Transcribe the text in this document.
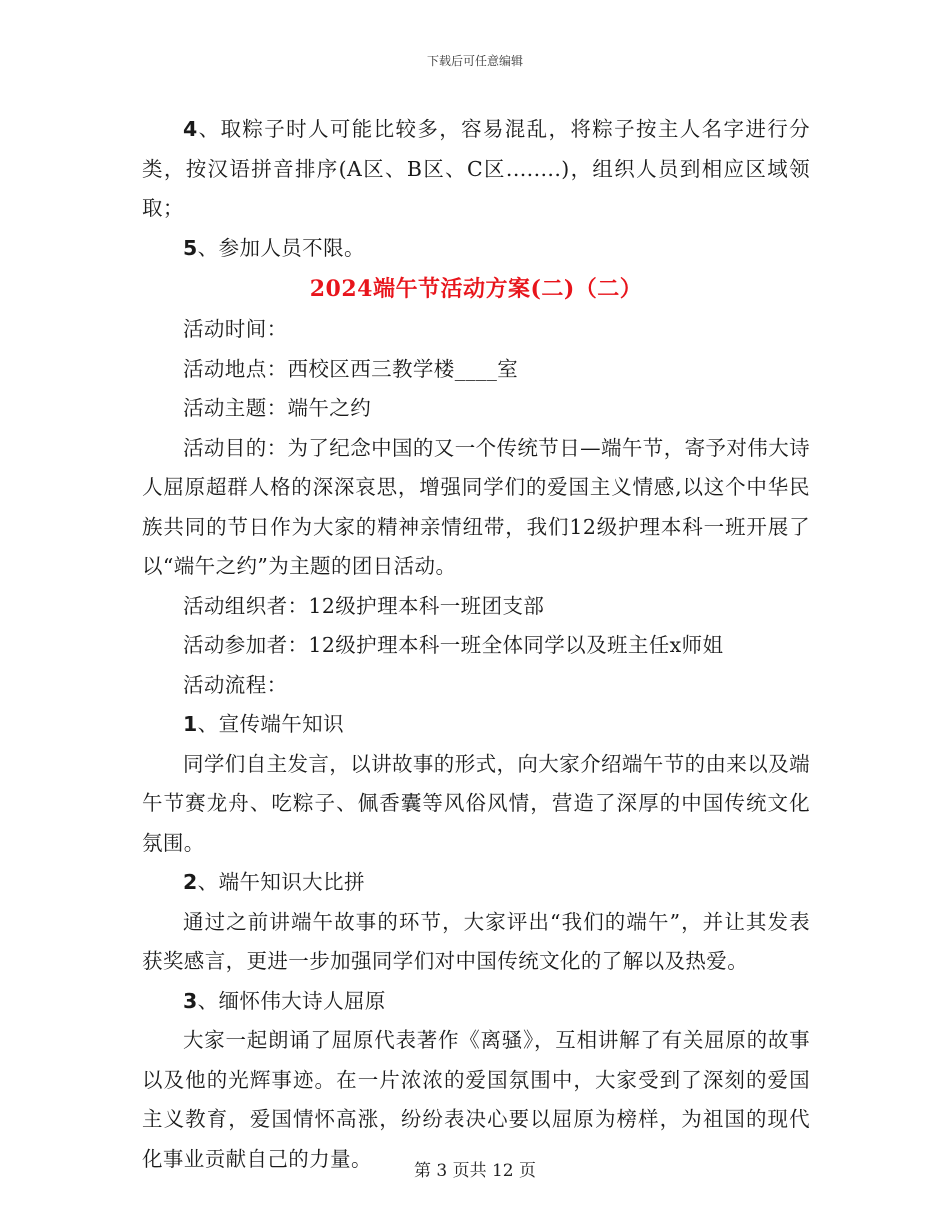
下载后可任意编辑

4、取粽子时人可能比较多，容易混乱，将粽子按主人名字进行分类，按汉语拼音排序(A区、B区、C区........)，组织人员到相应区域领取；

5、参加人员不限。

2024端午节活动方案(二)（二）

活动时间：

活动地点：西校区西三教学楼____室

活动主题：端午之约

活动目的：为了纪念中国的又一个传统节日—端午节，寄予对伟大诗人屈原超群人格的深深哀思，增强同学们的爱国主义情感,以这个中华民族共同的节日作为大家的精神亲情纽带，我们12级护理本科一班开展了以“端午之约”为主题的团日活动。

活动组织者：12级护理本科一班团支部

活动参加者：12级护理本科一班全体同学以及班主任x师姐

活动流程：

1、宣传端午知识

同学们自主发言，以讲故事的形式，向大家介绍端午节的由来以及端午节赛龙舟、吃粽子、佩香囊等风俗风情，营造了深厚的中国传统文化氛围。

2、端午知识大比拼

通过之前讲端午故事的环节，大家评出“我们的端午”，并让其发表获奖感言，更进一步加强同学们对中国传统文化的了解以及热爱。

3、缅怀伟大诗人屈原

大家一起朗诵了屈原代表著作《离骚》，互相讲解了有关屈原的故事以及他的光辉事迹。在一片浓浓的爱国氛围中，大家受到了深刻的爱国主义教育，爱国情怀高涨，纷纷表决心要以屈原为榜样，为祖国的现代化事业贡献自己的力量。

第 3 页共 12 页
